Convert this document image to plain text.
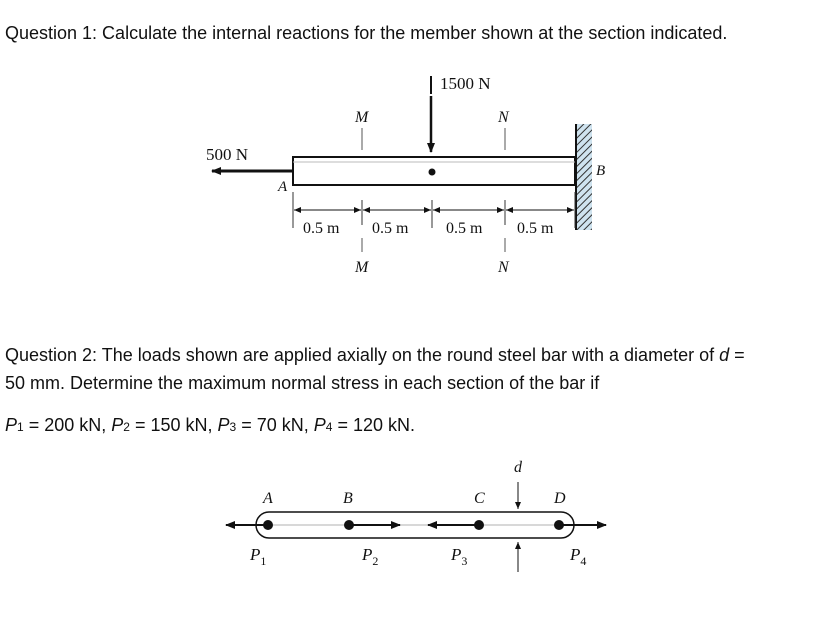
Question 1: Calculate the internal reactions for the member shown at the section indicated.
Question 2: The loads shown are applied axially on the round steel bar with a diameter of d =
50 mm. Determine the maximum normal stress in each section of the bar if
P1 = 200 kN, P2 = 150 kN, P3 = 70 kN, P4 = 120 kN.
1500 N
M	N
500 N
B
A
0.5 m 0.5 m 0.5 m 0.5 m
M	N
A	B	C	D
d
$P_1$	$P_2$	$P_3$	$P_4$
